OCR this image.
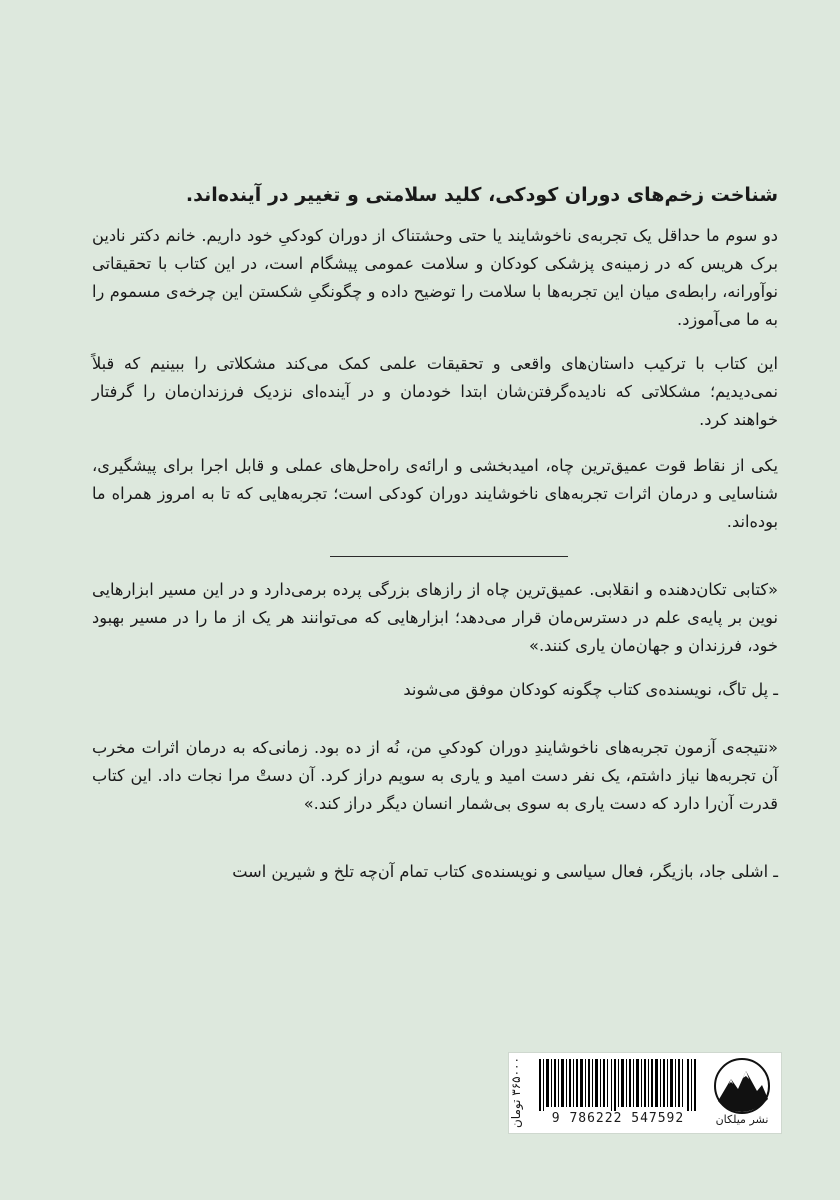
شناخت زخم‌های دوران کودکی، کلید سلامتی و تغییر در آینده‌اند.

دو سوم ما حداقل یک تجربه‌ی ناخوشایند یا حتی وحشتناک از دوران کودکیِ خود داریم. خانم دکتر نادین برک هریس که در زمینه‌ی پزشکی کودکان و سلامت عمومی پیشگام است، در این کتاب با تحقیقاتی نوآورانه، رابطه‌ی میان این تجربه‌ها با سلامت را توضیح داده و چگونگیِ شکستن این چرخه‌ی مسموم را به ما می‌آموزد.

این کتاب با ترکیب داستان‌های واقعی و تحقیقات علمی کمک می‌کند مشکلاتی را ببینیم که قبلاً نمی‌دیدیم؛ مشکلاتی که نادیده‌گرفتن‌شان ابتدا خودمان و در آینده‌ای نزدیک فرزندان‌مان را گرفتار خواهند کرد.

یکی از نقاط قوت عمیق‌ترین چاه، امیدبخشی و ارائه‌ی راه‌حل‌های عملی و قابل اجرا برای پیشگیری، شناسایی و درمان اثرات تجربه‌های ناخوشایند دوران کودکی است؛ تجربه‌هایی که تا به امروز همراه ما بوده‌اند.

«کتابی تکان‌دهنده و انقلابی. عمیق‌ترین چاه از رازهای بزرگی پرده برمی‌دارد و در این مسیر ابزارهایی نوین بر پایه‌ی علم در دسترس‌مان قرار می‌دهد؛ ابزارهایی که می‌توانند هر یک از ما را در مسیر بهبود خود، فرزندان و جهان‌مان یاری کنند.»

ـ پل تاگ، نویسنده‌ی کتاب چگونه کودکان موفق می‌شوند

«نتیجه‌ی آزمون تجربه‌های ناخوشایندِ دوران کودکیِ من، نُه از ده بود. زمانی‌که به درمان اثرات مخرب آن تجربه‌ها نیاز داشتم، یک نفر دست امید و یاری به سویم دراز کرد. آن دستْ مرا نجات داد. این کتاب قدرت آن‌را دارد که دست یاری به سوی بی‌شمار انسان دیگر دراز کند.»

ـ اشلی جاد، بازیگر، فعال سیاسی و نویسنده‌ی کتاب تمام آن‌چه تلخ و شیرین است

۳۶۵۰۰۰ تومان
9 786222 547592	نشر میلکان
